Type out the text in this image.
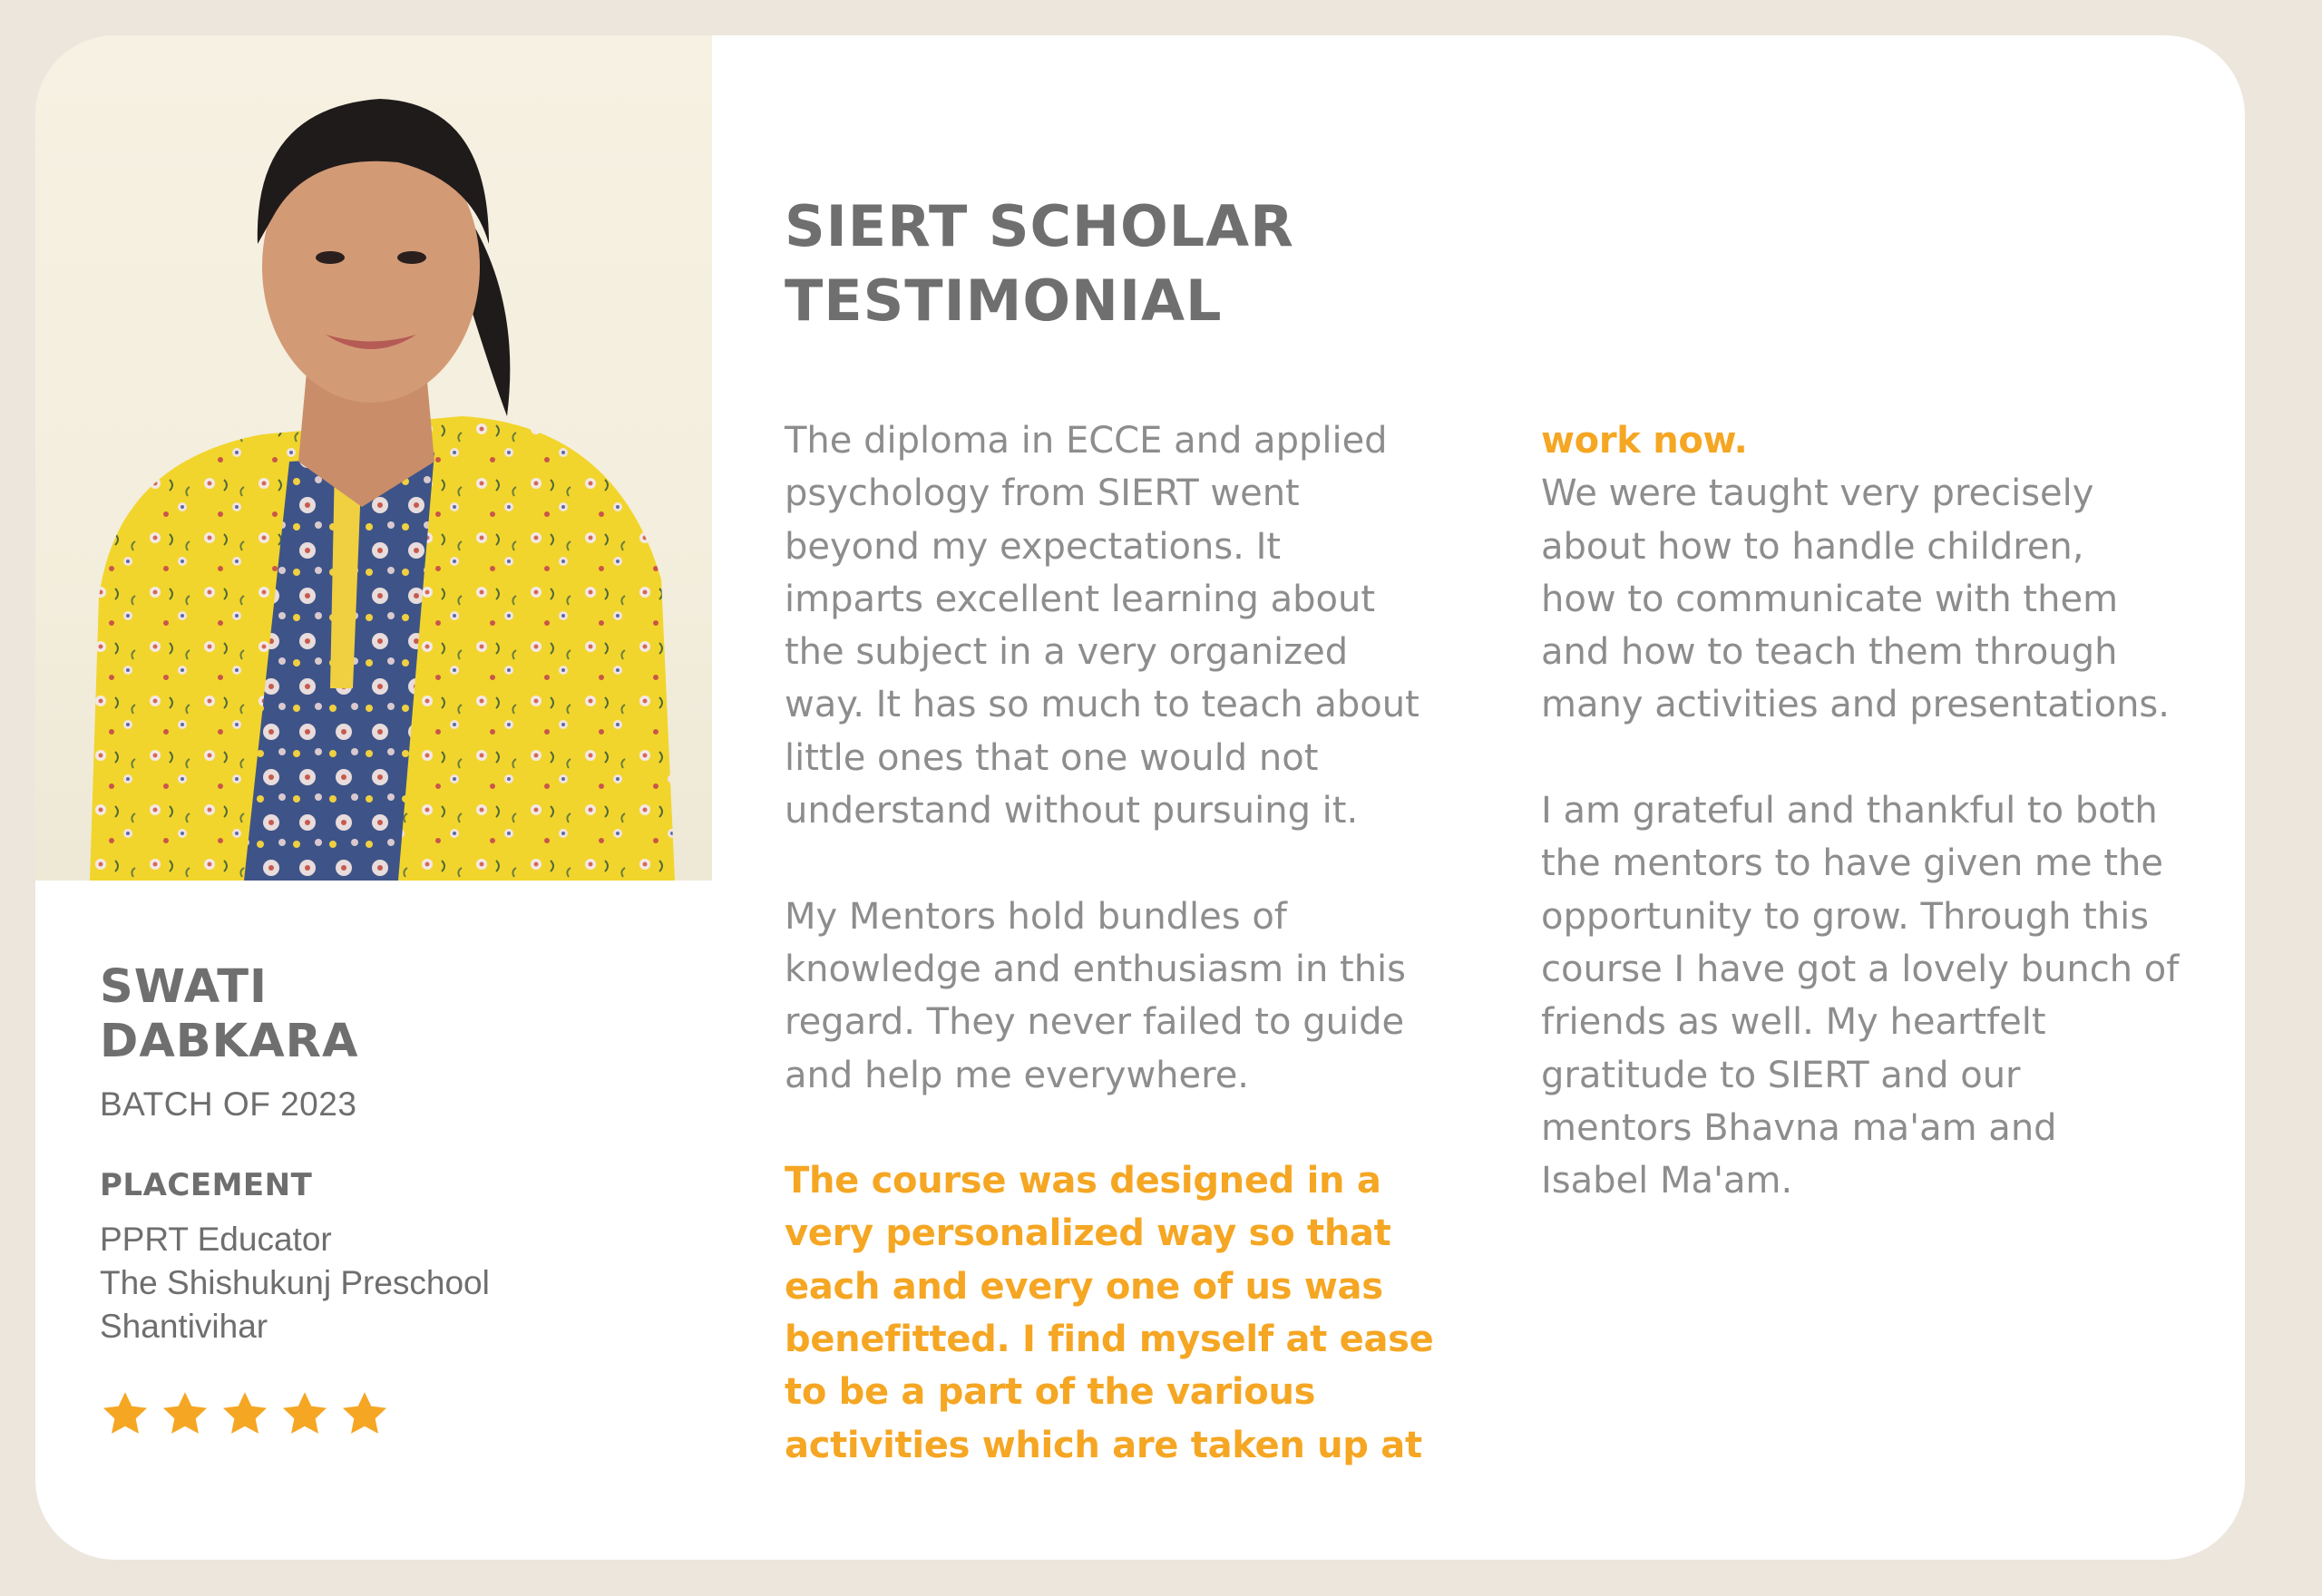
SWATI
DABKARA
BATCH OF 2023
PLACEMENT
PPRT Educator
The Shishukunj Preschool
Shantivihar
SIERT SCHOLAR
TESTIMONIAL
The diploma in ECCE and applied
psychology from SIERT went
beyond my expectations. It
imparts excellent learning about
the subject in a very organized
way. It has so much to teach about
little ones that one would not
understand without pursuing it.
My Mentors hold bundles of
knowledge and enthusiasm in this
regard. They never failed to guide
and help me everywhere.
The course was designed in a
very personalized way so that
each and every one of us was
benefitted. I find myself at ease
to be a part of the various
activities which are taken up at
work now.
We were taught very precisely
about how to handle children,
how to communicate with them
and how to teach them through
many activities and presentations.
I am grateful and thankful to both
the mentors to have given me the
opportunity to grow. Through this
course I have got a lovely bunch of
friends as well. My heartfelt
gratitude to SIERT and our
mentors Bhavna ma'am and
Isabel Ma'am.
